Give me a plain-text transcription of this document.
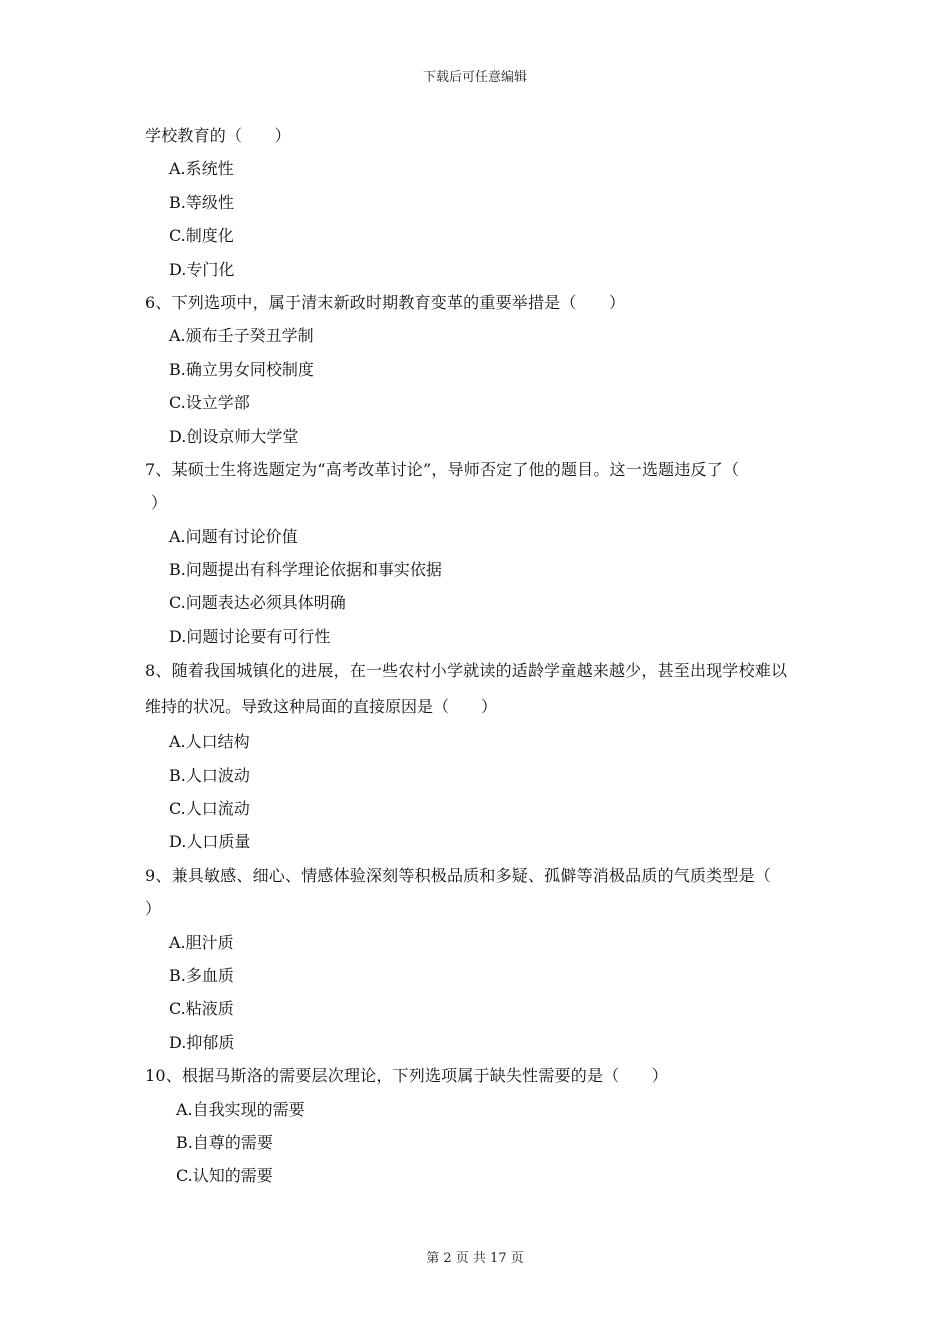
下载后可任意编辑
学校教育的（　　）
A.系统性
B.等级性
C.制度化
D.专门化
6、下列选项中，属于清末新政时期教育变革的重要举措是（　　）
A.颁布壬子癸丑学制
B.确立男女同校制度
C.设立学部
D.创设京师大学堂
7、某硕士生将选题定为“高考改革讨论”，导师否定了他的题目。这一选题违反了（
）
A.问题有讨论价值
B.问题提出有科学理论依据和事实依据
C.问题表达必须具体明确
D.问题讨论要有可行性
8、随着我国城镇化的进展，在一些农村小学就读的适龄学童越来越少，甚至出现学校难以
维持的状况。导致这种局面的直接原因是（　　）
A.人口结构
B.人口波动
C.人口流动
D.人口质量
9、兼具敏感、细心、情感体验深刻等积极品质和多疑、孤僻等消极品质的气质类型是（
）
A.胆汁质
B.多血质
C.粘液质
D.抑郁质
10、根据马斯洛的需要层次理论，下列选项属于缺失性需要的是（　　）
A.自我实现的需要
B.自尊的需要
C.认知的需要
第 2 页 共 17 页
